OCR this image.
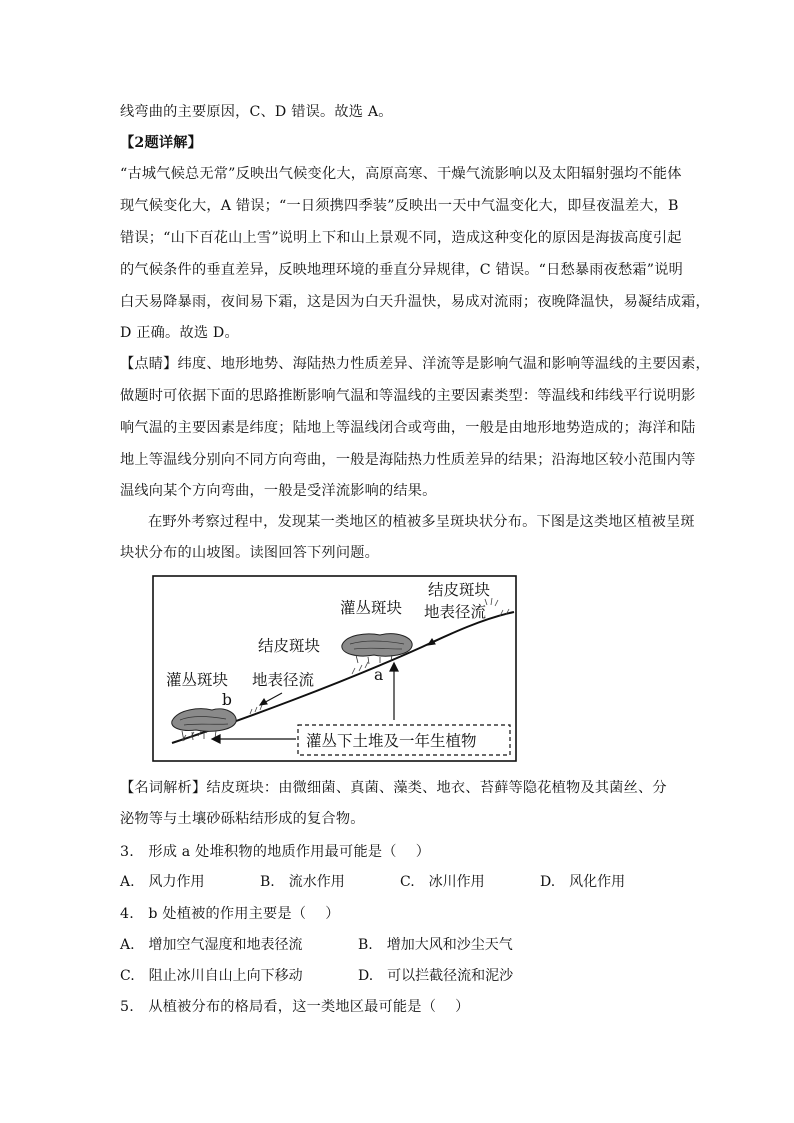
线弯曲的主要原因，C、D 错误。故选 A。
【2题详解】
“古城气候总无常”反映出气候变化大，高原高寒、干燥气流影响以及太阳辐射强均不能体
现气候变化大，A 错误；“一日须携四季装”反映出一天中气温变化大，即昼夜温差大，B
错误；“山下百花山上雪”说明上下和山上景观不同，造成这种变化的原因是海拔高度引起
的气候条件的垂直差异，反映地理环境的垂直分异规律，C 错误。“日愁暴雨夜愁霜”说明
白天易降暴雨，夜间易下霜，这是因为白天升温快，易成对流雨；夜晚降温快，易凝结成霜，
D 正确。故选 D。
【点睛】纬度、地形地势、海陆热力性质差异、洋流等是影响气温和影响等温线的主要因素，
做题时可依据下面的思路推断影响气温和等温线的主要因素类型：等温线和纬线平行说明影
响气温的主要因素是纬度；陆地上等温线闭合或弯曲，一般是由地形地势造成的；海洋和陆
地上等温线分别向不同方向弯曲，一般是海陆热力性质差异的结果；沿海地区较小范围内等
温线向某个方向弯曲，一般是受洋流影响的结果。
在野外考察过程中，发现某一类地区的植被多呈斑块状分布。下图是这类地区植被呈斑
块状分布的山坡图。读图回答下列问题。
灌丛斑块
结皮斑块
地表径流
结皮斑块
灌丛斑块 地表径流	a
b
灌丛下土堆及一年生植物
【名词解析】结皮斑块：由微细菌、真菌、藻类、地衣、苔藓等隐花植物及其菌丝、分
泌物等与土壤砂砾粘结形成的复合物。
3.　形成 a 处堆积物的地质作用最可能是（　 ）
A.　风力作用	B.　流水作用	C.　冰川作用	D.　风化作用
4.　b 处植被的作用主要是（　 ）
A.　增加空气湿度和地表径流	B.　增加大风和沙尘天气
C.　阻止冰川自山上向下移动	D.　可以拦截径流和泥沙
5.　从植被分布的格局看，这一类地区最可能是（　 ）
